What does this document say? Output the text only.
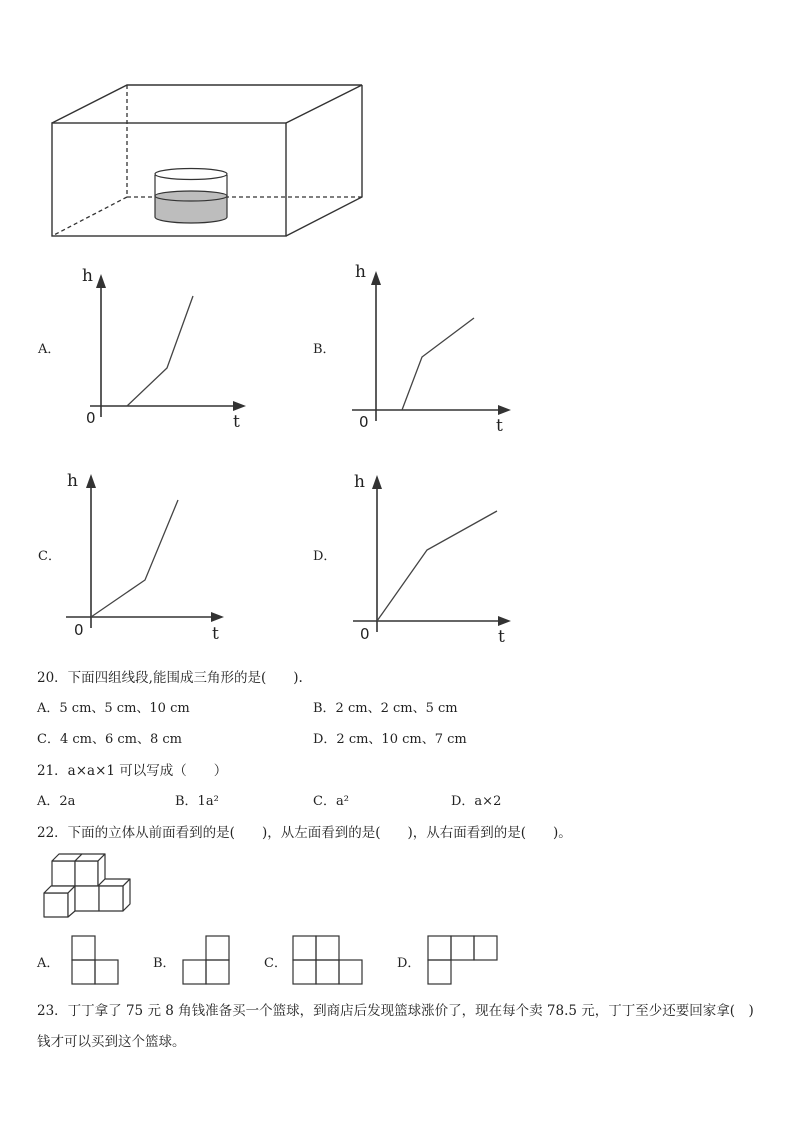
A．
h
t
0
B．
h
t
0
C．
h
t
0
D．
h
t
0
20．下面四组线段,能围成三角形的是(　　).
A．5 cm、5 cm、10 cm	B．2 cm、2 cm、5 cm
C．4 cm、6 cm、8 cm	D．2 cm、10 cm、7 cm
21．a×a×1 可以写成（　　）
A．2a	B．1a²	C．a²	D．a×2
22．下面的立体从前面看到的是(　　)，从左面看到的是(　　)，从右面看到的是(　　)。
A．	B．	C．	D．
23．丁丁拿了 75 元 8 角钱准备买一个篮球，到商店后发现篮球涨价了，现在每个卖 78.5 元，丁丁至少还要回家拿(　)
钱才可以买到这个篮球。
